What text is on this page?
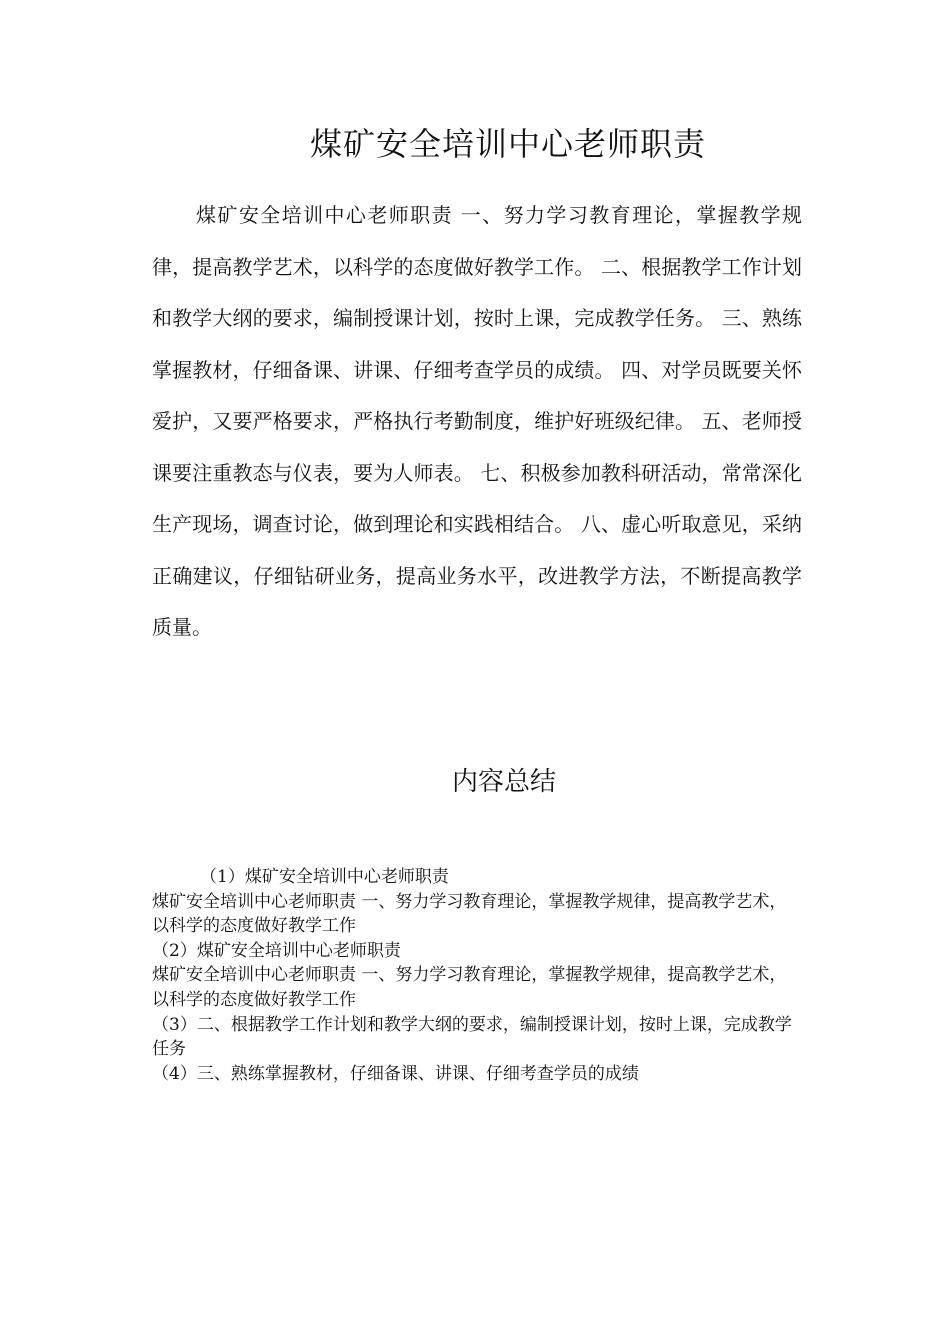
煤矿安全培训中心老师职责

煤矿安全培训中心老师职责 一、努力学习教育理论，掌握教学规律，提高教学艺术，以科学的态度做好教学工作。 二、根据教学工作计划和教学大纲的要求，编制授课计划，按时上课，完成教学任务。 三、熟练掌握教材，仔细备课、讲课、仔细考查学员的成绩。 四、对学员既要关怀爱护，又要严格要求，严格执行考勤制度，维护好班级纪律。 五、老师授课要注重教态与仪表，要为人师表。 七、积极参加教科研活动，常常深化生产现场，调查讨论，做到理论和实践相结合。 八、虚心听取意见，采纳正确建议，仔细钻研业务，提高业务水平，改进教学方法，不断提高教学质量。

内容总结
（1）煤矿安全培训中心老师职责
煤矿安全培训中心老师职责 一、努力学习教育理论，掌握教学规律，提高教学艺术，以科学的态度做好教学工作
（2）煤矿安全培训中心老师职责
煤矿安全培训中心老师职责 一、努力学习教育理论，掌握教学规律，提高教学艺术，以科学的态度做好教学工作
（3）二、根据教学工作计划和教学大纲的要求，编制授课计划，按时上课，完成教学任务
（4）三、熟练掌握教材，仔细备课、讲课、仔细考查学员的成绩
